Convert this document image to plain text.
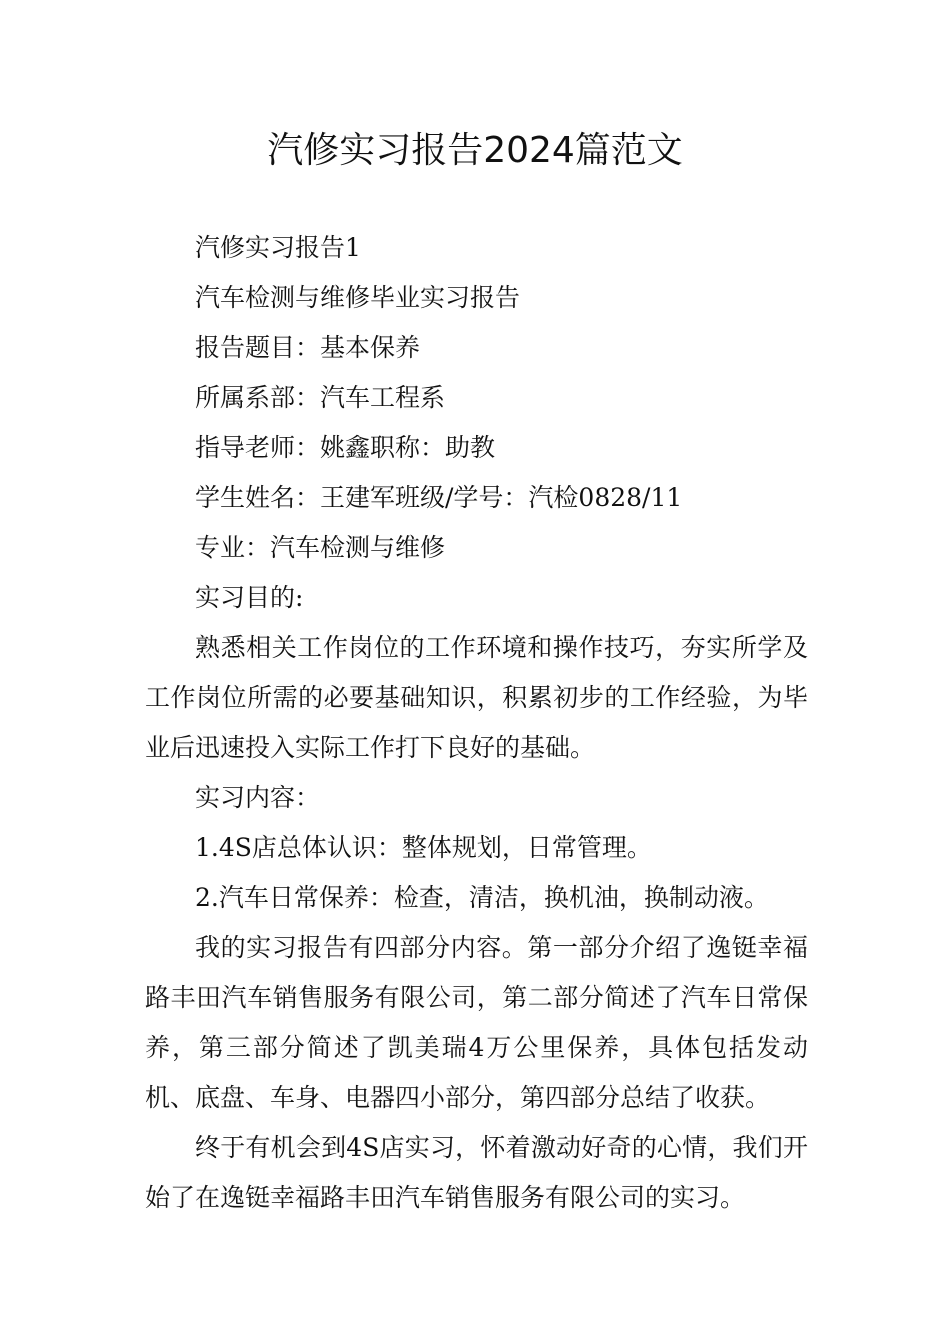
汽修实习报告2024篇范文

汽修实习报告1

汽车检测与维修毕业实习报告

报告题目：基本保养

所属系部：汽车工程系

指导老师：姚鑫职称：助教

学生姓名：王建军班级/学号：汽检0828/11

专业：汽车检测与维修

实习目的:

熟悉相关工作岗位的工作环境和操作技巧，夯实所学及工作岗位所需的必要基础知识，积累初步的工作经验，为毕业后迅速投入实际工作打下良好的基础。

实习内容：

1.4S店总体认识：整体规划，日常管理。

2.汽车日常保养：检查，清洁，换机油，换制动液。

我的实习报告有四部分内容。第一部分介绍了逸铤幸福路丰田汽车销售服务有限公司，第二部分简述了汽车日常保养，第三部分简述了凯美瑞4万公里保养，具体包括发动机、底盘、车身、电器四小部分，第四部分总结了收获。

终于有机会到4S店实习，怀着激动好奇的心情，我们开始了在逸铤幸福路丰田汽车销售服务有限公司的实习。
